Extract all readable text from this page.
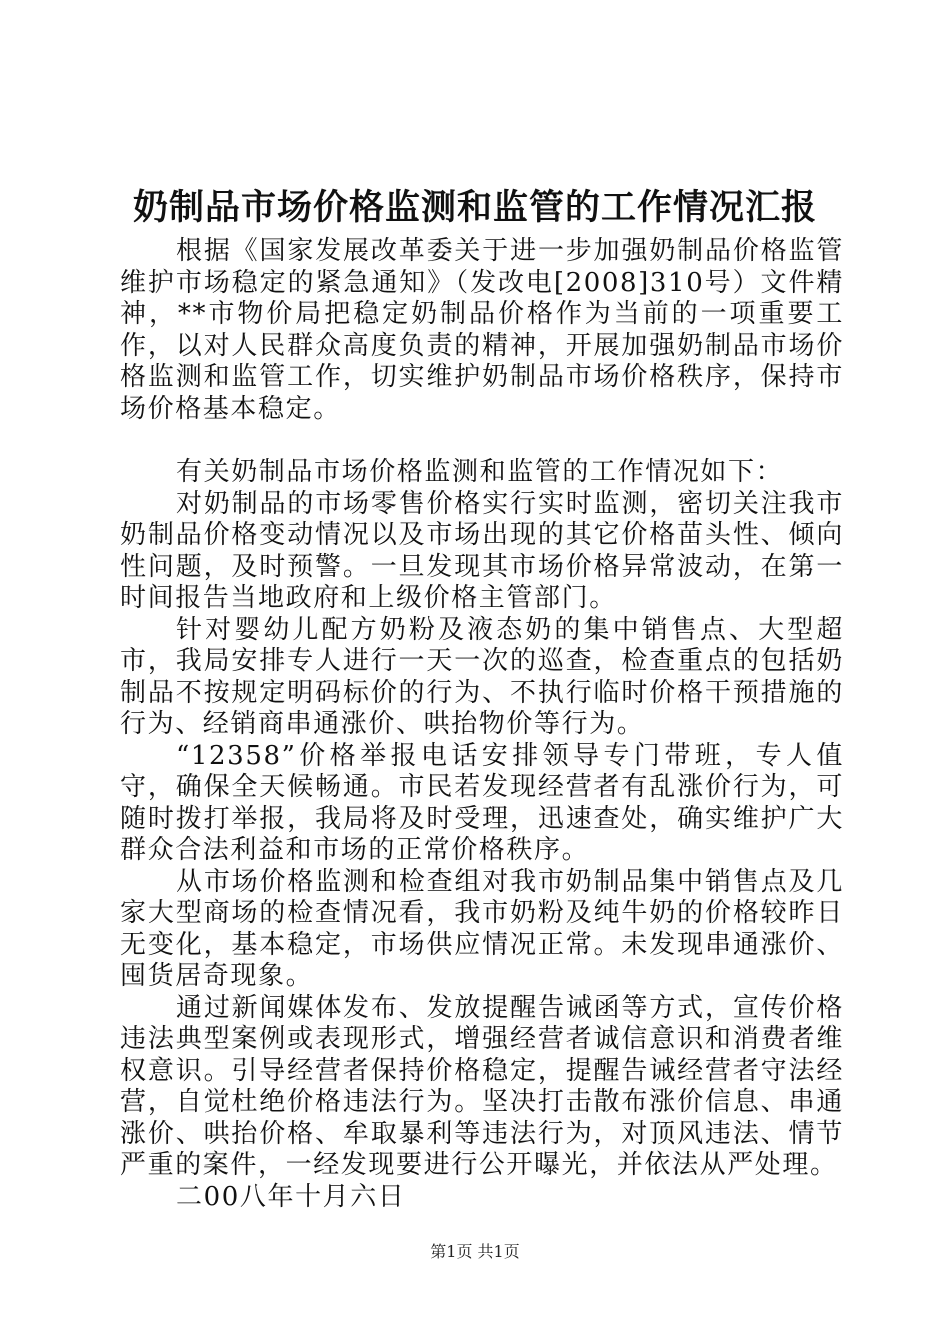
奶制品市场价格监测和监管的工作情况汇报

根据《国家发展改革委关于进一步加强奶制品价格监管维护市场稳定的紧急通知》（发改电[2008]310号）文件精神，**市物价局把稳定奶制品价格作为当前的一项重要工作，以对人民群众高度负责的精神，开展加强奶制品市场价格监测和监管工作，切实维护奶制品市场价格秩序，保持市场价格基本稳定。

有关奶制品市场价格监测和监管的工作情况如下：

对奶制品的市场零售价格实行实时监测，密切关注我市奶制品价格变动情况以及市场出现的其它价格苗头性、倾向性问题，及时预警。一旦发现其市场价格异常波动，在第一时间报告当地政府和上级价格主管部门。

针对婴幼儿配方奶粉及液态奶的集中销售点、大型超市，我局安排专人进行一天一次的巡查，检查重点的包括奶制品不按规定明码标价的行为、不执行临时价格干预措施的行为、经销商串通涨价、哄抬物价等行为。

“12358”价格举报电话安排领导专门带班，专人值守，确保全天候畅通。市民若发现经营者有乱涨价行为，可随时拨打举报，我局将及时受理，迅速查处，确实维护广大群众合法利益和市场的正常价格秩序。

从市场价格监测和检查组对我市奶制品集中销售点及几家大型商场的检查情况看，我市奶粉及纯牛奶的价格较昨日无变化，基本稳定，市场供应情况正常。未发现串通涨价、囤货居奇现象。

通过新闻媒体发布、发放提醒告诫函等方式，宣传价格违法典型案例或表现形式，增强经营者诚信意识和消费者维权意识。引导经营者保持价格稳定，提醒告诫经营者守法经营，自觉杜绝价格违法行为。坚决打击散布涨价信息、串通涨价、哄抬价格、牟取暴利等违法行为，对顶风违法、情节严重的案件，一经发现要进行公开曝光，并依法从严处理。

二00八年十月六日

第1页 共1页
